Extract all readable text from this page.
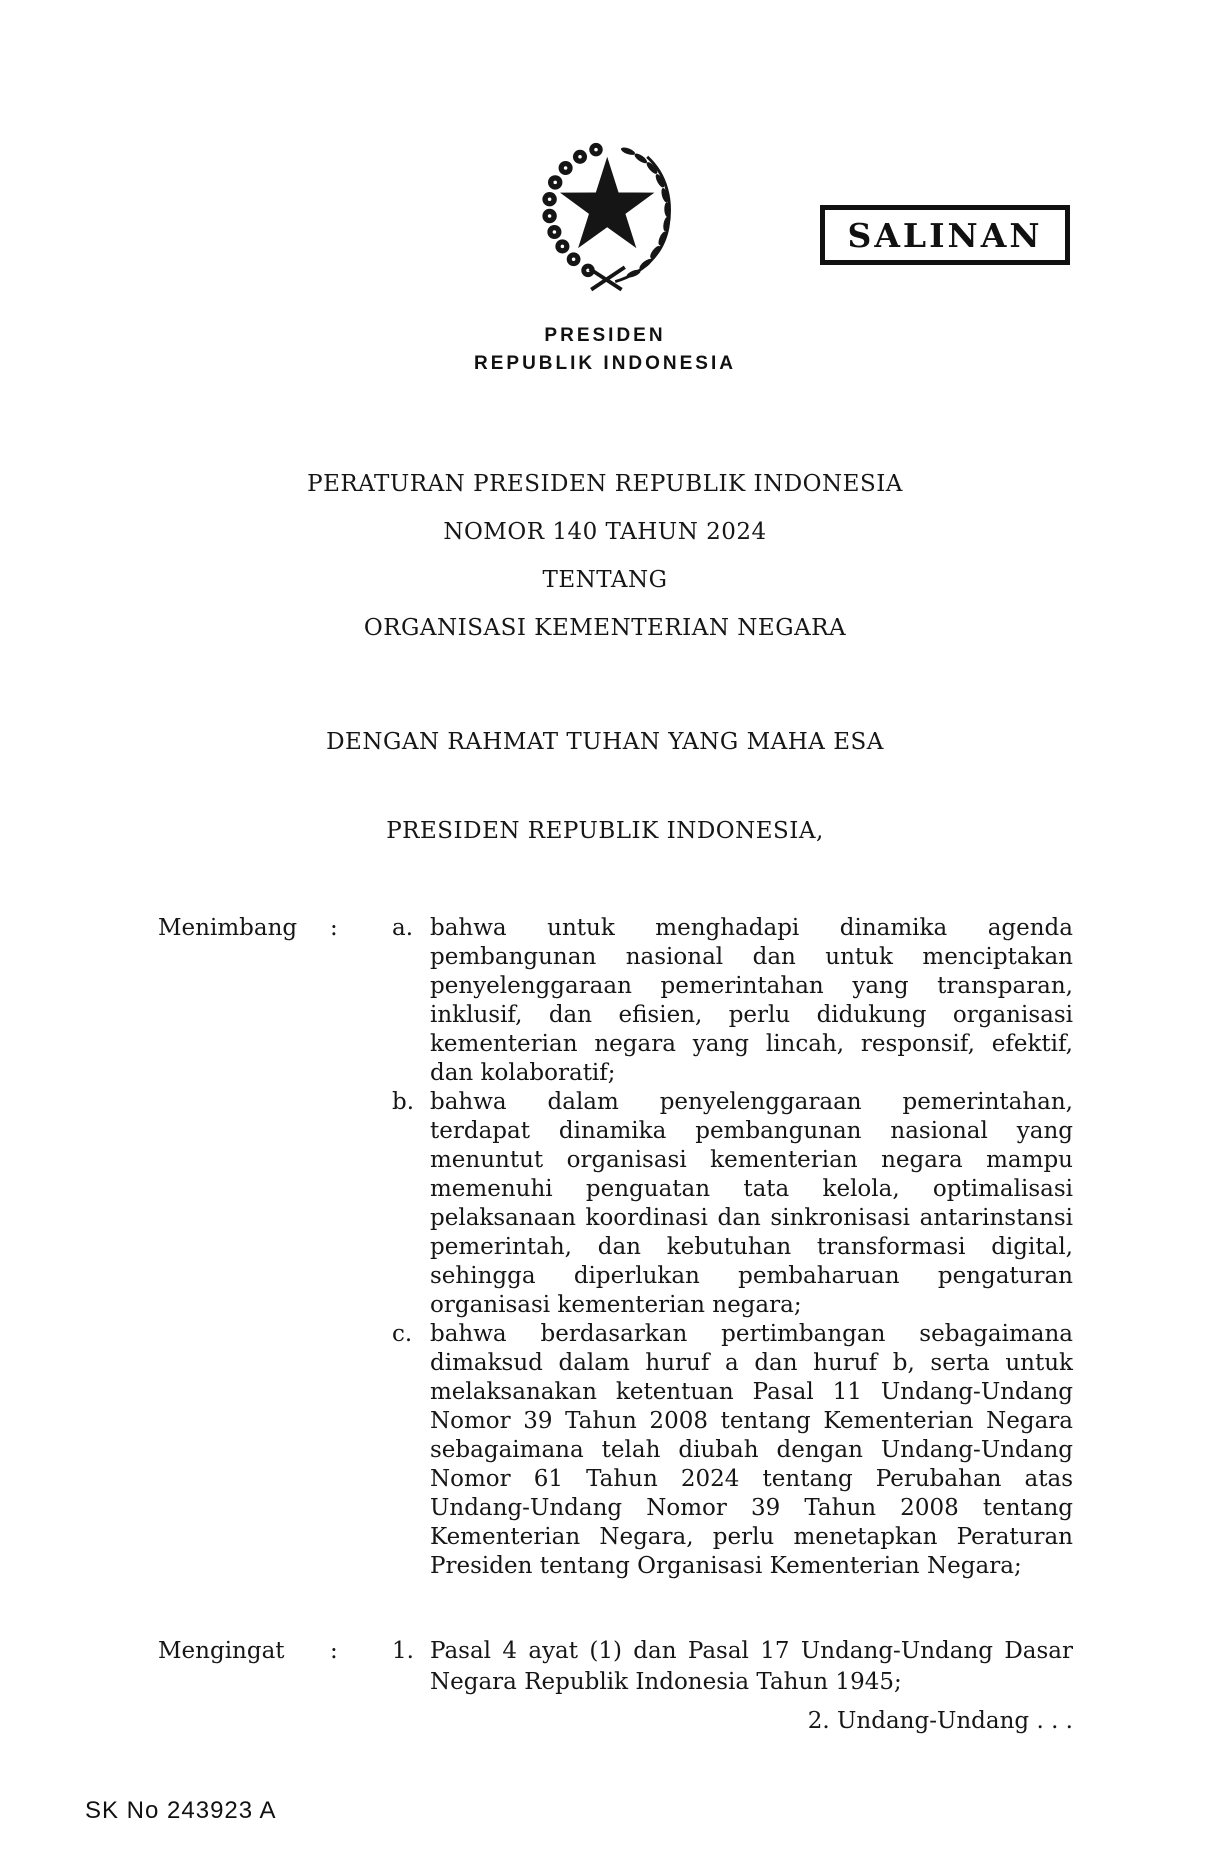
SALINAN
PRESIDEN
REPUBLIK INDONESIA
PERATURAN PRESIDEN REPUBLIK INDONESIA
NOMOR 140 TAHUN 2024
TENTANG
ORGANISASI KEMENTERIAN NEGARA
DENGAN RAHMAT TUHAN YANG MAHA ESA
PRESIDEN REPUBLIK INDONESIA,
Menimbang : a. bahwa untuk menghadapi dinamika agenda pembangunan nasional dan untuk menciptakan penyelenggaraan pemerintahan yang transparan, inklusif, dan efisien, perlu didukung organisasi kementerian negara yang lincah, responsif, efektif, dan kolaboratif;
b. bahwa dalam penyelenggaraan pemerintahan, terdapat dinamika pembangunan nasional yang menuntut organisasi kementerian negara mampu memenuhi penguatan tata kelola, optimalisasi pelaksanaan koordinasi dan sinkronisasi antarinstansi pemerintah, dan kebutuhan transformasi digital, sehingga diperlukan pembaharuan pengaturan organisasi kementerian negara;
c. bahwa berdasarkan pertimbangan sebagaimana dimaksud dalam huruf a dan huruf b, serta untuk melaksanakan ketentuan Pasal 11 Undang-Undang Nomor 39 Tahun 2008 tentang Kementerian Negara sebagaimana telah diubah dengan Undang-Undang Nomor 61 Tahun 2024 tentang Perubahan atas Undang-Undang Nomor 39 Tahun 2008 tentang Kementerian Negara, perlu menetapkan Peraturan Presiden tentang Organisasi Kementerian Negara;
Mengingat : 1. Pasal 4 ayat (1) dan Pasal 17 Undang-Undang Dasar Negara Republik Indonesia Tahun 1945;
2. Undang-Undang . . .
SK No 243923 A
